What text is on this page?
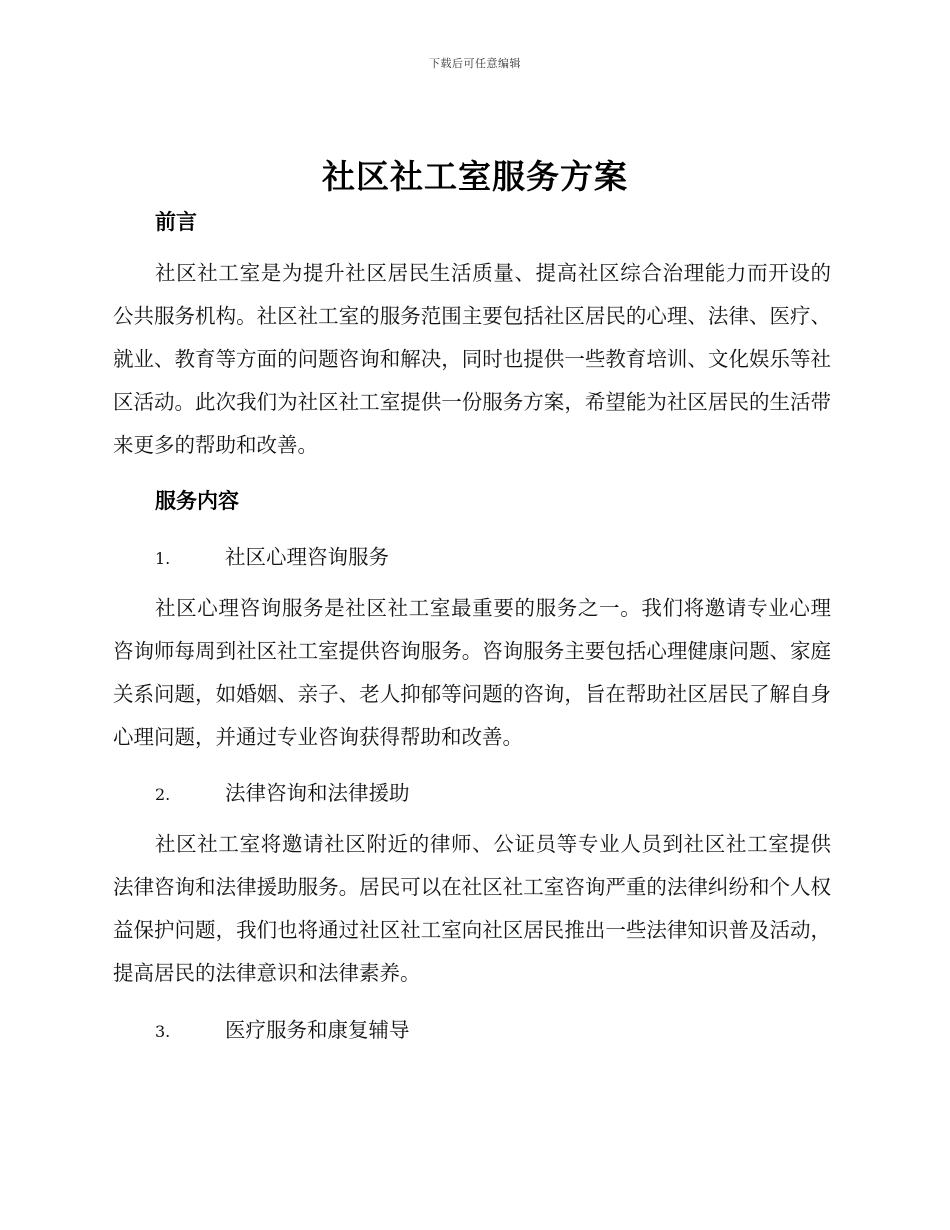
下载后可任意编辑
社区社工室服务方案
前言

社区社工室是为提升社区居民生活质量、提高社区综合治理能力而开设的公共服务机构。社区社工室的服务范围主要包括社区居民的心理、法律、医疗、就业、教育等方面的问题咨询和解决，同时也提供一些教育培训、文化娱乐等社区活动。此次我们为社区社工室提供一份服务方案，希望能为社区居民的生活带来更多的帮助和改善。

服务内容
1.	社区心理咨询服务

社区心理咨询服务是社区社工室最重要的服务之一。我们将邀请专业心理咨询师每周到社区社工室提供咨询服务。咨询服务主要包括心理健康问题、家庭关系问题，如婚姻、亲子、老人抑郁等问题的咨询，旨在帮助社区居民了解自身心理问题，并通过专业咨询获得帮助和改善。

2.	法律咨询和法律援助

社区社工室将邀请社区附近的律师、公证员等专业人员到社区社工室提供法律咨询和法律援助服务。居民可以在社区社工室咨询严重的法律纠纷和个人权益保护问题，我们也将通过社区社工室向社区居民推出一些法律知识普及活动，提高居民的法律意识和法律素养。

3.	医疗服务和康复辅导
